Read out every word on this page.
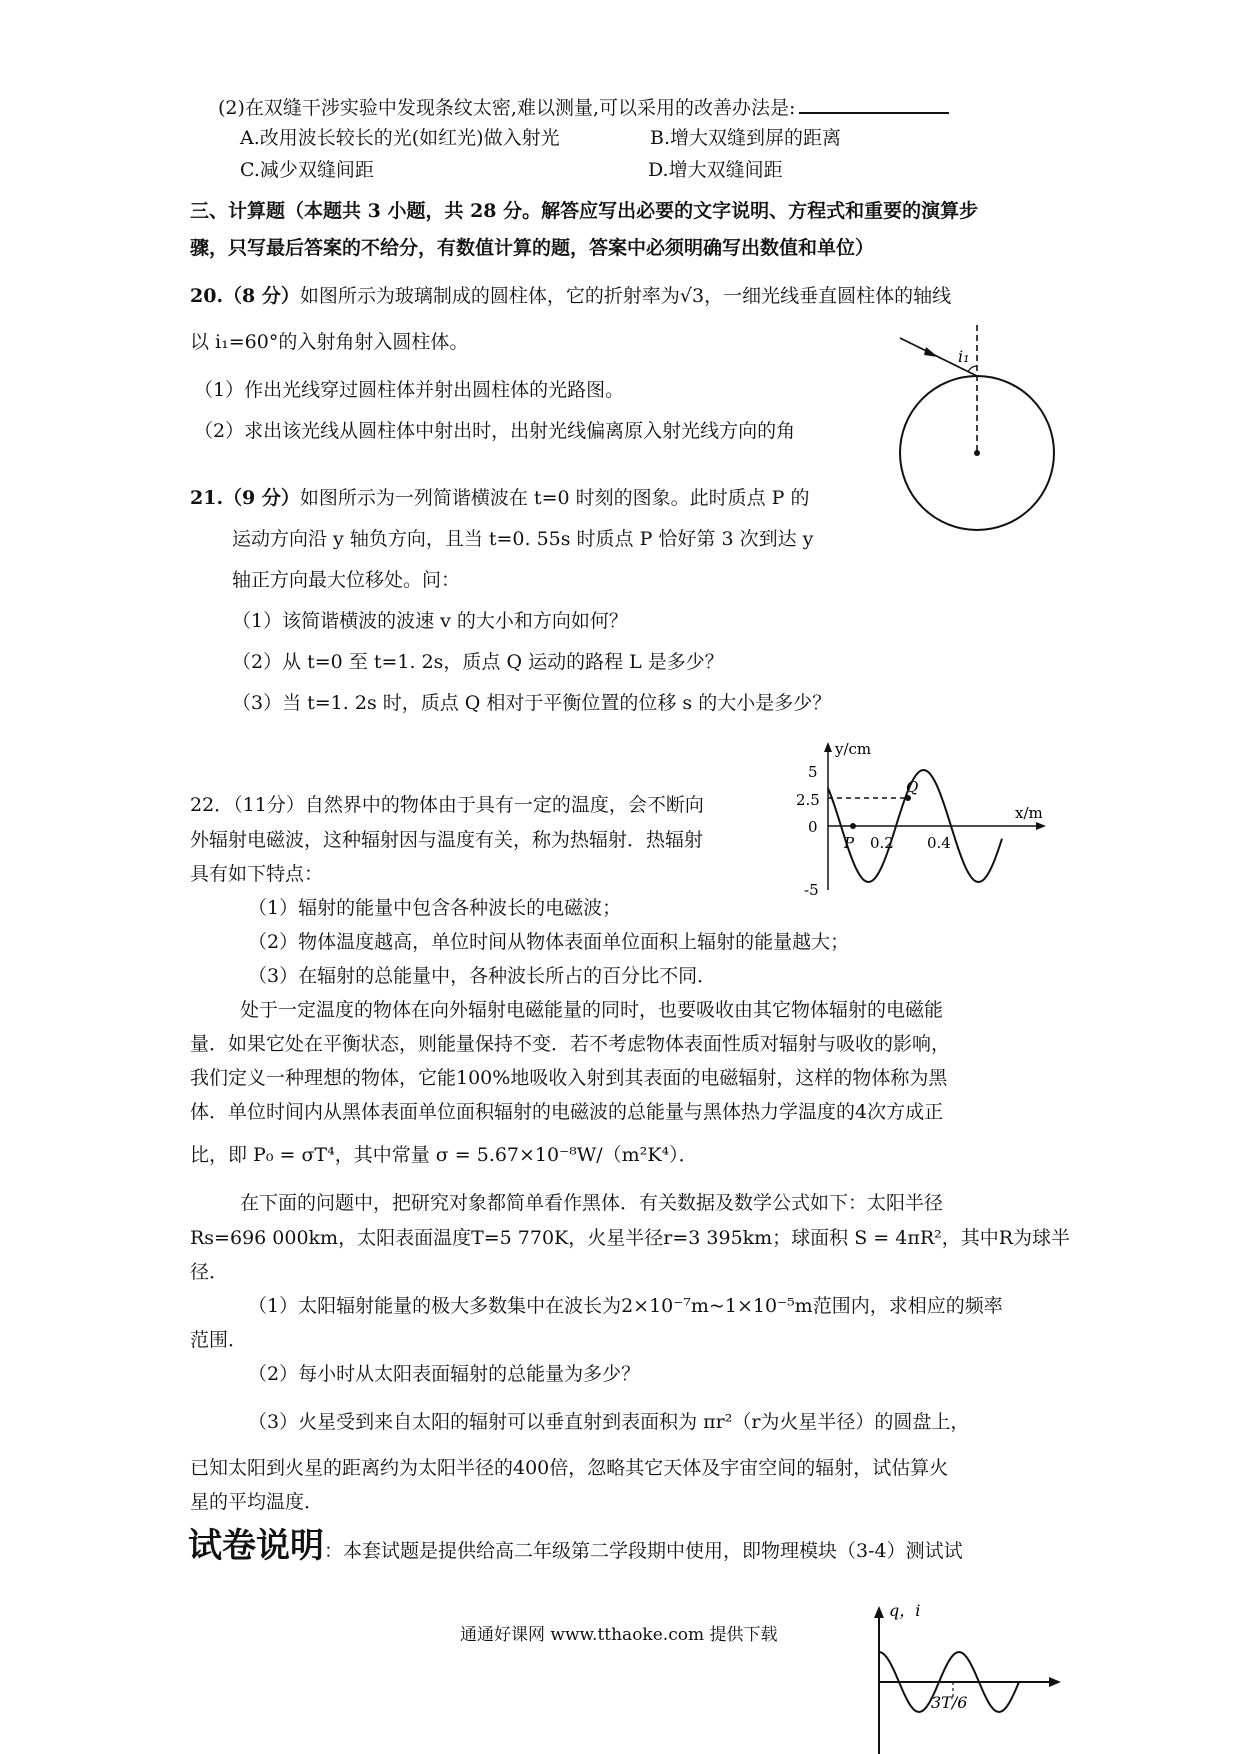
(2)在双缝干涉实验中发现条纹太密,难以测量,可以采用的改善办法是:
A.改用波长较长的光(如红光)做入射光	B.增大双缝到屏的距离
C.减少双缝间距	D.增大双缝间距
三、计算题（本题共 3 小题，共 28 分。解答应写出必要的文字说明、方程式和重要的演算步
骤，只写最后答案的不给分，有数值计算的题，答案中必须明确写出数值和单位）
20.（8 分）如图所示为玻璃制成的圆柱体，它的折射率为√3，一细光线垂直圆柱体的轴线
以 i₁=60°的入射角射入圆柱体。
（1）作出光线穿过圆柱体并射出圆柱体的光路图。
（2）求出该光线从圆柱体中射出时，出射光线偏离原入射光线方向的角
i₁
21.（9 分）如图所示为一列简谐横波在 t=0 时刻的图象。此时质点 P 的
运动方向沿 y 轴负方向，且当 t=0. 55s 时质点 P 恰好第 3 次到达 y
轴正方向最大位移处。问：
（1）该简谐横波的波速 v 的大小和方向如何？
（2）从 t=0 至 t=1. 2s，质点 Q 运动的路程 L 是多少？
（3）当 t=1. 2s 时，质点 Q 相对于平衡位置的位移 s 的大小是多少？
y/cm
x/m
5
2.5
0
-5
0.2 0.4
P
Q
22．（11分）自然界中的物体由于具有一定的温度，会不断向
外辐射电磁波，这种辐射因与温度有关，称为热辐射．热辐射
具有如下特点：
（1）辐射的能量中包含各种波长的电磁波；
（2）物体温度越高，单位时间从物体表面单位面积上辐射的能量越大；
（3）在辐射的总能量中，各种波长所占的百分比不同．
处于一定温度的物体在向外辐射电磁能量的同时，也要吸收由其它物体辐射的电磁能
量．如果它处在平衡状态，则能量保持不变．若不考虑物体表面性质对辐射与吸收的影响，
我们定义一种理想的物体，它能100%地吸收入射到其表面的电磁辐射，这样的物体称为黑
体．单位时间内从黑体表面单位面积辐射的电磁波的总能量与黑体热力学温度的4次方成正
比，即 P₀ = σT⁴，其中常量 σ = 5.67×10⁻⁸W/（m²K⁴）．
在下面的问题中，把研究对象都简单看作黑体．有关数据及数学公式如下：太阳半径
Rs=696 000km，太阳表面温度T=5 770K，火星半径r=3 395km；球面积 S = 4πR²，其中R为球半
径．
（1）太阳辐射能量的极大多数集中在波长为2×10⁻⁷m~1×10⁻⁵m范围内，求相应的频率
范围．
（2）每小时从太阳表面辐射的总能量为多少？
（3）火星受到来自太阳的辐射可以垂直射到表面积为 πr²（r为火星半径）的圆盘上，
已知太阳到火星的距离约为太阳半径的400倍，忽略其它天体及宇宙空间的辐射，试估算火
星的平均温度．
试卷说明：本套试题是提供给高二年级第二学段期中使用，即物理模块（3-4）测试试
通通好课网 www.tthaoke.com 提供下载
q，i
3T/6
